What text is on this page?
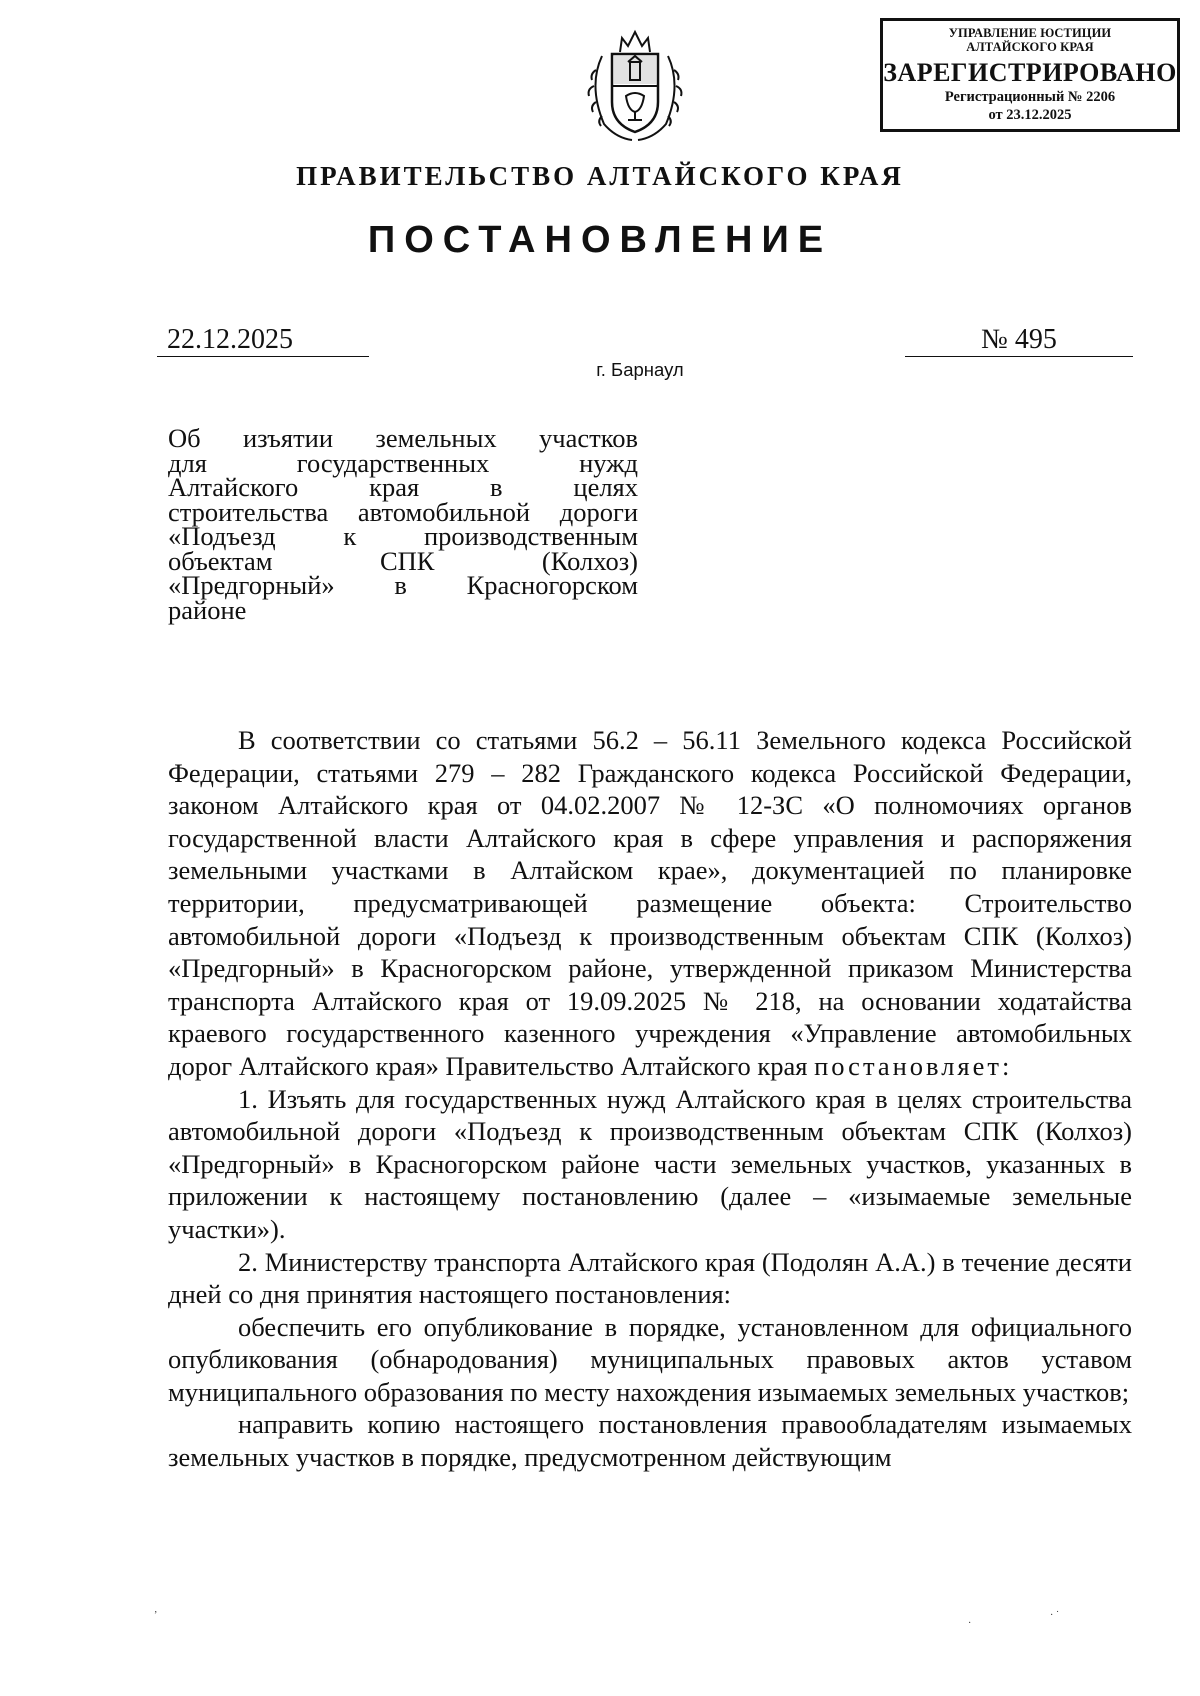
УПРАВЛЕНИЕ ЮСТИЦИИ
АЛТАЙСКОГО КРАЯ
ЗАРЕГИСТРИРОВАНО
Регистрационный № 2206
от 23.12.2025
ПРАВИТЕЛЬСТВО АЛТАЙСКОГО КРАЯ
ПОСТАНОВЛЕНИЕ
22.12.2025	№ 495
г. Барнаул
Об изъятии земельных участков
для государственных нужд
Алтайского края в целях
строительства автомобильной дороги
«Подъезд к производственным
объектам СПК (Колхоз)
«Предгорный» в Красногорском
районе

В соответствии со статьями 56.2 – 56.11 Земельного кодекса Российской Федерации, статьями 279 – 282 Гражданского кодекса Российской Федерации, законом Алтайского края от 04.02.2007 № 12-ЗС «О полномочиях органов государственной власти Алтайского края в сфере управления и распоряжения земельными участками в Алтайском крае», документацией по планировке территории, предусматривающей размещение объекта: Строительство автомобильной дороги «Подъезд к производственным объектам СПК (Колхоз) «Предгорный» в Красногорском районе, утвержденной приказом Министерства транспорта Алтайского края от 19.09.2025 № 218, на основании ходатайства краевого государственного казенного учреждения «Управление автомобильных дорог Алтайского края» Правительство Алтайского края постановляет:

1. Изъять для государственных нужд Алтайского края в целях строительства автомобильной дороги «Подъезд к производственным объектам СПК (Колхоз) «Предгорный» в Красногорском районе части земельных участков, указанных в приложении к настоящему постановлению (далее – «изымаемые земельные участки»).

2. Министерству транспорта Алтайского края (Подолян А.А.) в течение десяти дней со дня принятия настоящего постановления:

обеспечить его опубликование в порядке, установленном для официального опубликования (обнародования) муниципальных правовых актов уставом муниципального образования по месту нахождения изымаемых земельных участков;

направить копию настоящего постановления правообладателям изымаемых земельных участков в порядке, предусмотренном действующим

ʼ
·
· ˙
